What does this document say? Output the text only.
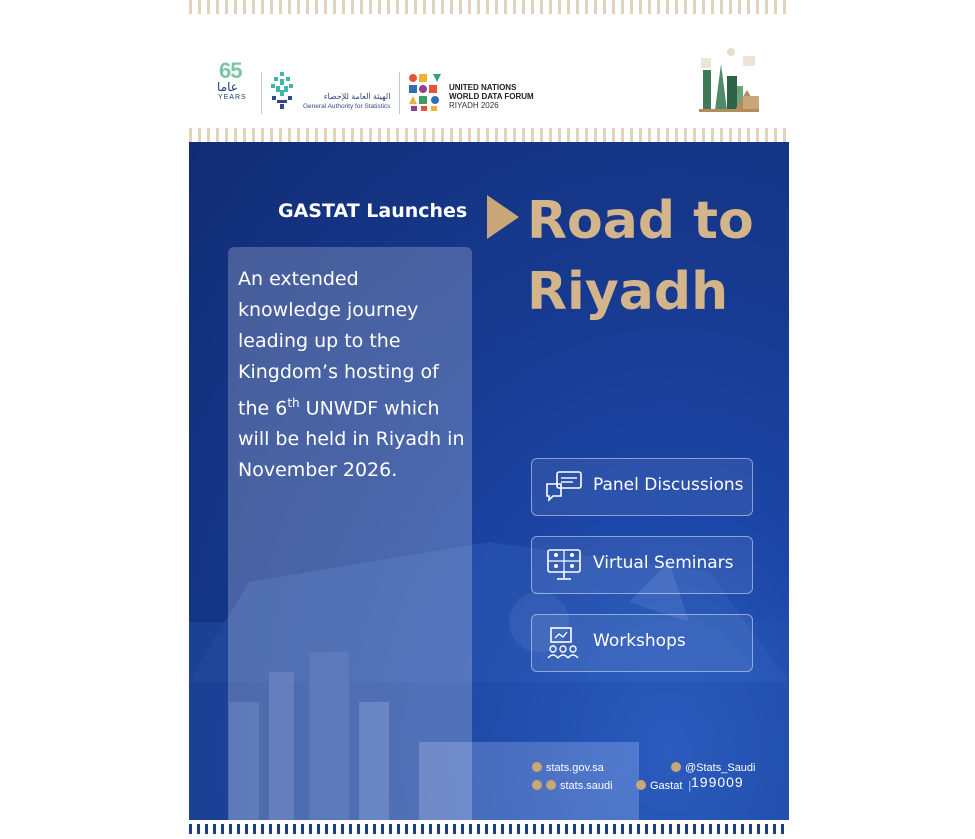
65
عاما
YEARS	الهيئة العامة للإحصاء
General Authority for Statistics
UNITED NATIONS
WORLD DATA FORUM
RIYADH 2026
GASTAT Launches Road to
Riyadh
An extended knowledge journey leading up to the Kingdom’s hosting of the 6th UNWDF which will be held in Riyadh in November 2026.
Panel Discussions
Virtual Seminars
Workshops
stats.gov.sa
stats.saudi
@Stats_Saudi
Gastat | 199009
